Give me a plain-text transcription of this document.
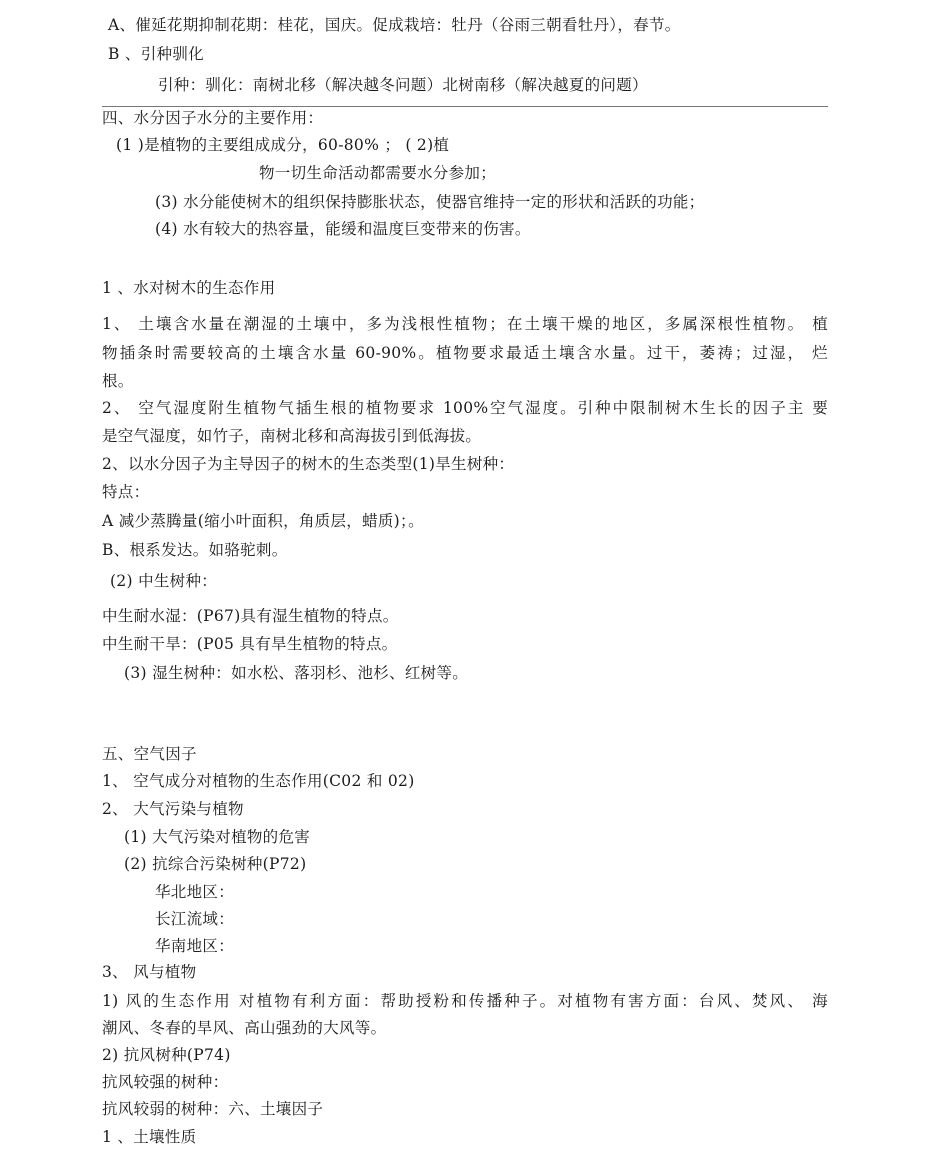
A、催延花期抑制花期：桂花，国庆。促成栽培：牡丹（谷雨三朝看牡丹），春节。
B 、引种驯化
引种：驯化：南树北移（解决越冬问题）北树南移（解决越夏的问题）
四、水分因子水分的主要作用：
(1 )是植物的主要组成成分，60-80% ； ( 2)植
物一切生命活动都需要水分参加；
(3) 水分能使树木的组织保持膨胀状态，使器官维持一定的形状和活跃的功能；
(4) 水有较大的热容量，能缓和温度巨变带来的伤害。
1 、水对树木的生态作用
1、 土壤含水量在潮湿的土壤中，多为浅根性植物；在土壤干燥的地区，多属深根性植物。 植
物插条时需要较高的土壤含水量 60-90%。植物要求最适土壤含水量。过干，萎祷；过湿， 烂
根。
2、 空气湿度附生植物气插生根的植物要求 100%空气湿度。引种中限制树木生长的因子主 要
是空气湿度，如竹子，南树北移和高海拔引到低海拔。
2、以水分因子为主导因子的树木的生态类型(1)旱生树种：
特点：
A 减少蒸腾量(缩小叶面积，角质层，蜡质)；。
B、根系发达。如骆驼刺。
(2) 中生树种：
中生耐水湿：(P67)具有湿生植物的特点。
中生耐干旱：(P05 具有旱生植物的特点。
(3) 湿生树种：如水松、落羽杉、池杉、红树等。
五、空气因子
1、 空气成分对植物的生态作用(C02 和 02)
2、 大气污染与植物
(1) 大气污染对植物的危害
(2) 抗综合污染树种(P72)
华北地区：
长江流域：
华南地区：
3、 风与植物
1) 风的生态作用 对植物有利方面：帮助授粉和传播种子。对植物有害方面：台风、焚风、 海
潮风、冬春的旱风、高山强劲的大风等。
2) 抗风树种(P74)
抗风较强的树种：
抗风较弱的树种：六、土壤因子
1 、土壤性质
